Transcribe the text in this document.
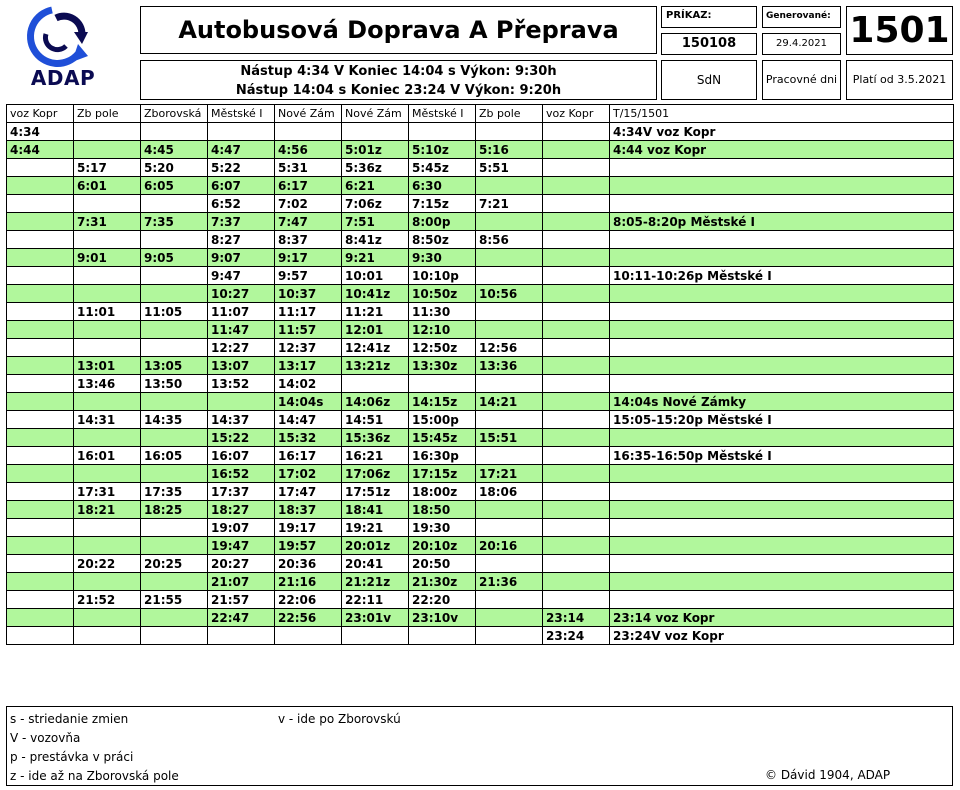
ADAP
Autobusová Doprava A Přeprava
Nástup 4:34 V Koniec 14:04 s Výkon: 9:30h
Nástup 14:04 s Koniec 23:24 V Výkon: 9:20h
PRÍKAZ:
150108
Generované:
29.4.2021 1501
SdN	Pracovné dni	Platí od 3.5.2021
voz Kopr	Zb pole	Zborovská	Městské I	Nové Zám	Nové Zám	Městské I	Zb pole	voz Kopr	T/15/1501
4:34									4:34V voz Kopr
4:44		4:45	4:47	4:56	5:01z	5:10z	5:16		4:44 voz Kopr
	5:17	5:20	5:22	5:31	5:36z	5:45z	5:51		
	6:01	6:05	6:07	6:17	6:21	6:30			
			6:52	7:02	7:06z	7:15z	7:21		
	7:31	7:35	7:37	7:47	7:51	8:00p			8:05-8:20p Městské I
			8:27	8:37	8:41z	8:50z	8:56		
	9:01	9:05	9:07	9:17	9:21	9:30			
			9:47	9:57	10:01	10:10p			10:11-10:26p Městské I
			10:27	10:37	10:41z	10:50z	10:56		
	11:01	11:05	11:07	11:17	11:21	11:30			
			11:47	11:57	12:01	12:10			
			12:27	12:37	12:41z	12:50z	12:56		
	13:01	13:05	13:07	13:17	13:21z	13:30z	13:36		
	13:46	13:50	13:52	14:02					
				14:04s	14:06z	14:15z	14:21		14:04s Nové Zámky
	14:31	14:35	14:37	14:47	14:51	15:00p			15:05-15:20p Městské I
			15:22	15:32	15:36z	15:45z	15:51		
	16:01	16:05	16:07	16:17	16:21	16:30p			16:35-16:50p Městské I
			16:52	17:02	17:06z	17:15z	17:21		
	17:31	17:35	17:37	17:47	17:51z	18:00z	18:06		
	18:21	18:25	18:27	18:37	18:41	18:50			
			19:07	19:17	19:21	19:30			
			19:47	19:57	20:01z	20:10z	20:16		
	20:22	20:25	20:27	20:36	20:41	20:50			
			21:07	21:16	21:21z	21:30z	21:36		
	21:52	21:55	21:57	22:06	22:11	22:20			
			22:47	22:56	23:01v	23:10v		23:14	23:14 voz Kopr
								23:24	23:24V voz Kopr
s - striedanie zmien
V - vozovňa
p - prestávka v práci
z - ide až na Zborovská pole
v - ide po Zborovskú
© Dávid 1904, ADAP
